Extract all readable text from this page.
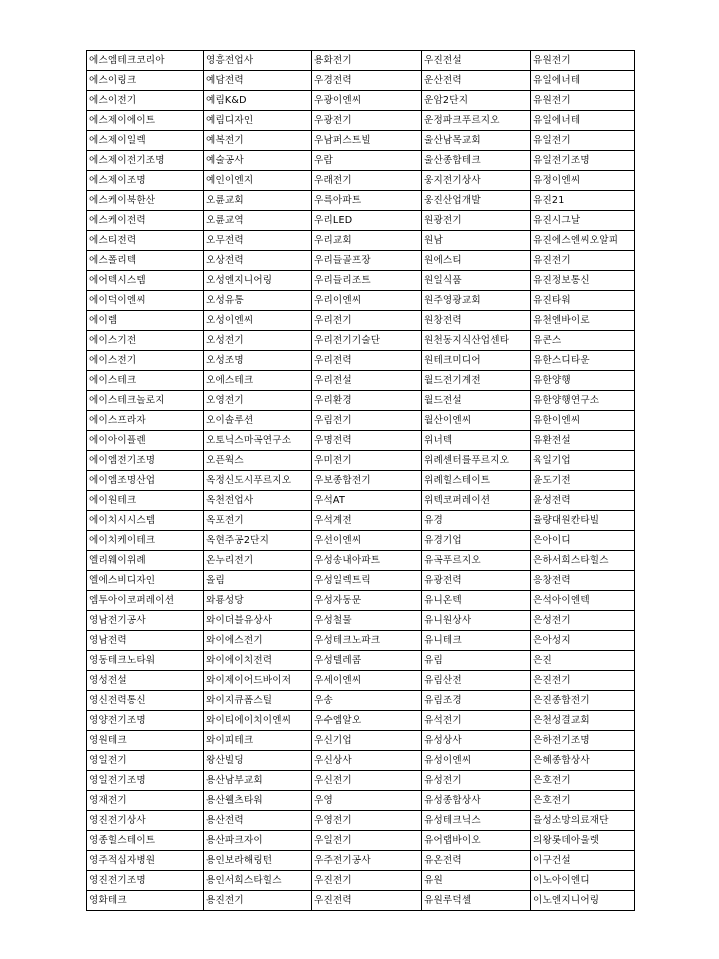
에스엠테크코리아	영흥전업사	용화전기	우진전설	유원전기
에스이링크	예담전력	우경전력	운산전력	유일에너테
에스이전기	예림K&D	우광이엔씨	운암2단지	유원전기
에스제이에이트	예림디자인	우광전기	운정파크푸르지오	유일에너테
에스제이일렉	예복전기	우남퍼스트빌	울산남목교회	유일전기
에스제이전기조명	예술공사	우람	울산종합테크	유일전기조명
에스제이조명	예인이엔지	우래전기	웅지전기상사	유정이엔씨
에스케이북한산	오륜교회	우륵아파트	웅진산업개발	유진21
에스케이전력	오륜교역	우리LED	원광전기	유진시그날
에스티전력	오무전력	우리교회	원남	유진에스엔씨오알피
에스폴리텍	오상전력	우리들골프장	원에스티	유진전기
에어텍시스템	오성엔지니어링	우리들리조트	원일식품	유진정보통신
에이덕이엔씨	오성유통	우리이엔씨	원주영광교회	유진타워
에이렘	오성이엔씨	우리전기	원창전력	유천엔바이로
에이스기전	오성전기	우리전기기술단	원천동지식산업센타	유콘스
에이스전기	오성조명	우리전력	원테크미디어	유한스디타운
에이스테크	오에스테크	우리전설	월드전기계전	유한양행
에이스테크놀로지	오영전기	우리환경	월드전설	유한양행연구소
에이스프라자	오이솔루션	우림전기	월산이엔씨	유한이엔씨
에이아이플렌	오토닉스마곡연구소	우명전력	위너텍	유환전설
에이엠전기조명	오픈웍스	우미전기	위례센터를푸르지오	육일기업
에이엠조명산업	옥정신도시푸르지오	우보종합전기	위례힐스테이트	윤도기전
에이원테크	옥천전업사	우석AT	위텍코퍼레이션	윤성전력
에이치시시스템	옥포전기	우석계전	유경	율량대원칸타빌
에이치케이테크	옥현주공2단지	우선이엔씨	유경기업	은아이디
엘리웨이위례	온누리전기	우성송내아파트	유곡푸르지오	은하서희스타힐스
엘에스비디자인	올림	우성일렉트릭	유광전력	응창전력
엠투아이코퍼레이션	와룡성당	우성자동문	유니온텍	은석아이엔텍
영남전기공사	와이더블유상사	우성철물	유니원상사	은성전기
영남전력	와이에스전기	우성테크노파크	유니테크	은아성지
영동테크노타워	와이에이치전력	우성텔레콤	유림	은진
영성전설	와이제이어드바이저	우세이엔씨	유림산전	은진전기
영신전력통신	와이지큐폼스틸	우송	유림조경	은진종합전기
영양전기조명	와이티에이치이엔씨	우수엠알오	유석전기	은천성결교회
영원테크	와이피테크	우신기업	유성상사	은하전기조명
영일전기	왕산빌딩	우신상사	유성이엔씨	은혜종합상사
영일전기조명	용산남부교회	우신전기	유성전기	은호전기
영재전기	용산웰츠타워	우영	유성종합상사	은호전기
영진전기상사	용산전력	우영전기	유성테크닉스	을성소망의료재단
영종힐스테이트	용산파크자이	우일전기	유어랩바이오	의왕롯데아울렛
영주적십자병원	용인보라해링턴	우주전기공사	유온전력	이구건설
영진전기조명	용인서희스타힐스	우진전기	유원	이노아이엔디
영화테크	용진전기	우진전력	유원루덕셀	이노엔지니어링
